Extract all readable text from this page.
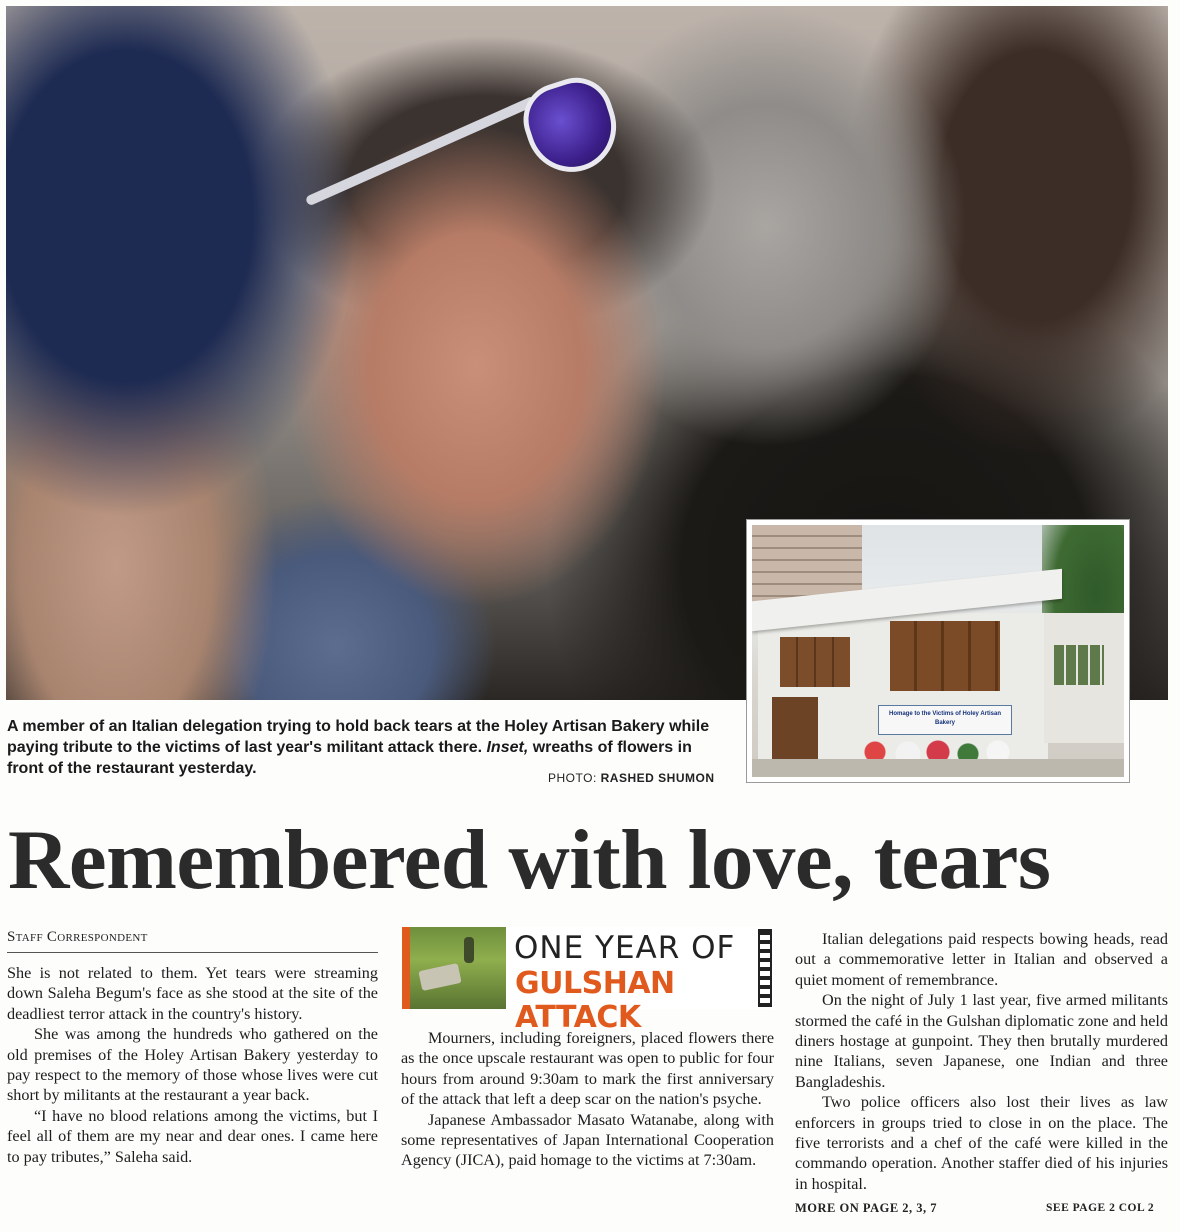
Homage to the Victims of Holey Artisan Bakery
A member of an Italian delegation trying to hold back tears at the Holey Artisan Bakery while paying tribute to the victims of last year's militant attack there. Inset, wreaths of flowers in front of the restaurant yesterday.
PHOTO: RASHED SHUMON
Remembered with love, tears
Staff Correspondent

She is not related to them. Yet tears were streaming down Saleha Begum's face as she stood at the site of the deadliest terror attack in the country's history.

She was among the hundreds who gathered on the old premises of the Holey Artisan Bakery yesterday to pay respect to the memory of those whose lives were cut short by militants at the restaurant a year back.

“I have no blood relations among the victims, but I feel all of them are my near and dear ones. I came here to pay tributes,” Saleha said.

ONE YEAR OF
GULSHAN ATTACK

Mourners, including foreigners, placed flowers there as the once upscale restaurant was open to public for four hours from around 9:30am to mark the first anniversary of the attack that left a deep scar on the nation's psyche.

Japanese Ambassador Masato Watanabe, along with some representatives of Japan International Cooperation Agency (JICA), paid homage to the victims at 7:30am.

Italian delegations paid respects bowing heads, read out a commemorative letter in Italian and observed a quiet moment of remembrance.

On the night of July 1 last year, five armed militants stormed the café in the Gulshan diplomatic zone and held diners hostage at gunpoint. They then brutally murdered nine Italians, seven Japanese, one Indian and three Bangladeshis.

Two police officers also lost their lives as law enforcers in groups tried to close in on the place. The five terrorists and a chef of the café were killed in the commando operation. Another staffer died of his injuries in hospital.

MORE ON PAGE 2, 3, 7	SEE PAGE 2 COL 2
